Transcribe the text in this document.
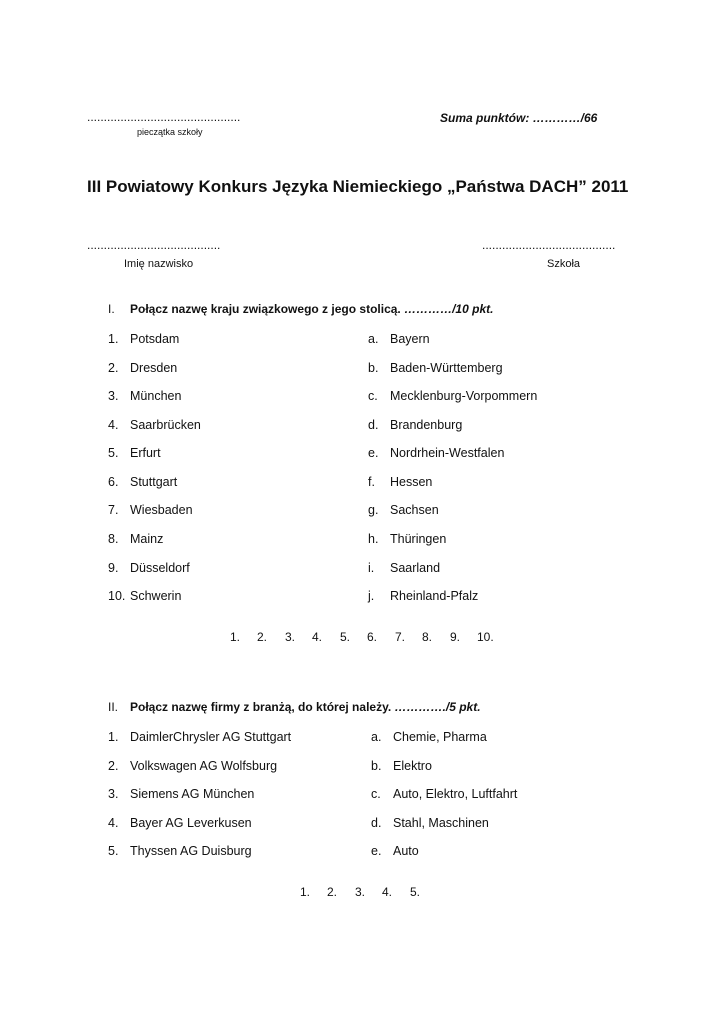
..............................................
pieczątka szkoły
Suma punktów: …………/66
III Powiatowy Konkurs Języka Niemieckiego „Państwa DACH” 2011
........................................
Imię nazwisko
........................................
Szkoła
I. Połącz nazwę kraju związkowego z jego stolicą. …………/10 pkt.
1. Potsdam
2. Dresden
3. München
4. Saarbrücken
5. Erfurt
6. Stuttgart
7. Wiesbaden
8. Mainz
9. Düsseldorf
10. Schwerin
a. Bayern
b. Baden-Württemberg
c. Mecklenburg-Vorpommern
d. Brandenburg
e. Nordrhein-Westfalen
f. Hessen
g. Sachsen
h. Thüringen
i. Saarland
j. Rheinland-Pfalz
1. 2. 3. 4. 5. 6. 7. 8. 9. 10.
II. Połącz nazwę firmy z branżą, do której należy. …………./5 pkt.
1. DaimlerChrysler AG Stuttgart
2. Volkswagen AG Wolfsburg
3. Siemens AG München
4. Bayer AG Leverkusen
5. Thyssen AG Duisburg
a. Chemie, Pharma
b. Elektro
c. Auto, Elektro, Luftfahrt
d. Stahl, Maschinen
e. Auto
1. 2. 3. 4. 5.
